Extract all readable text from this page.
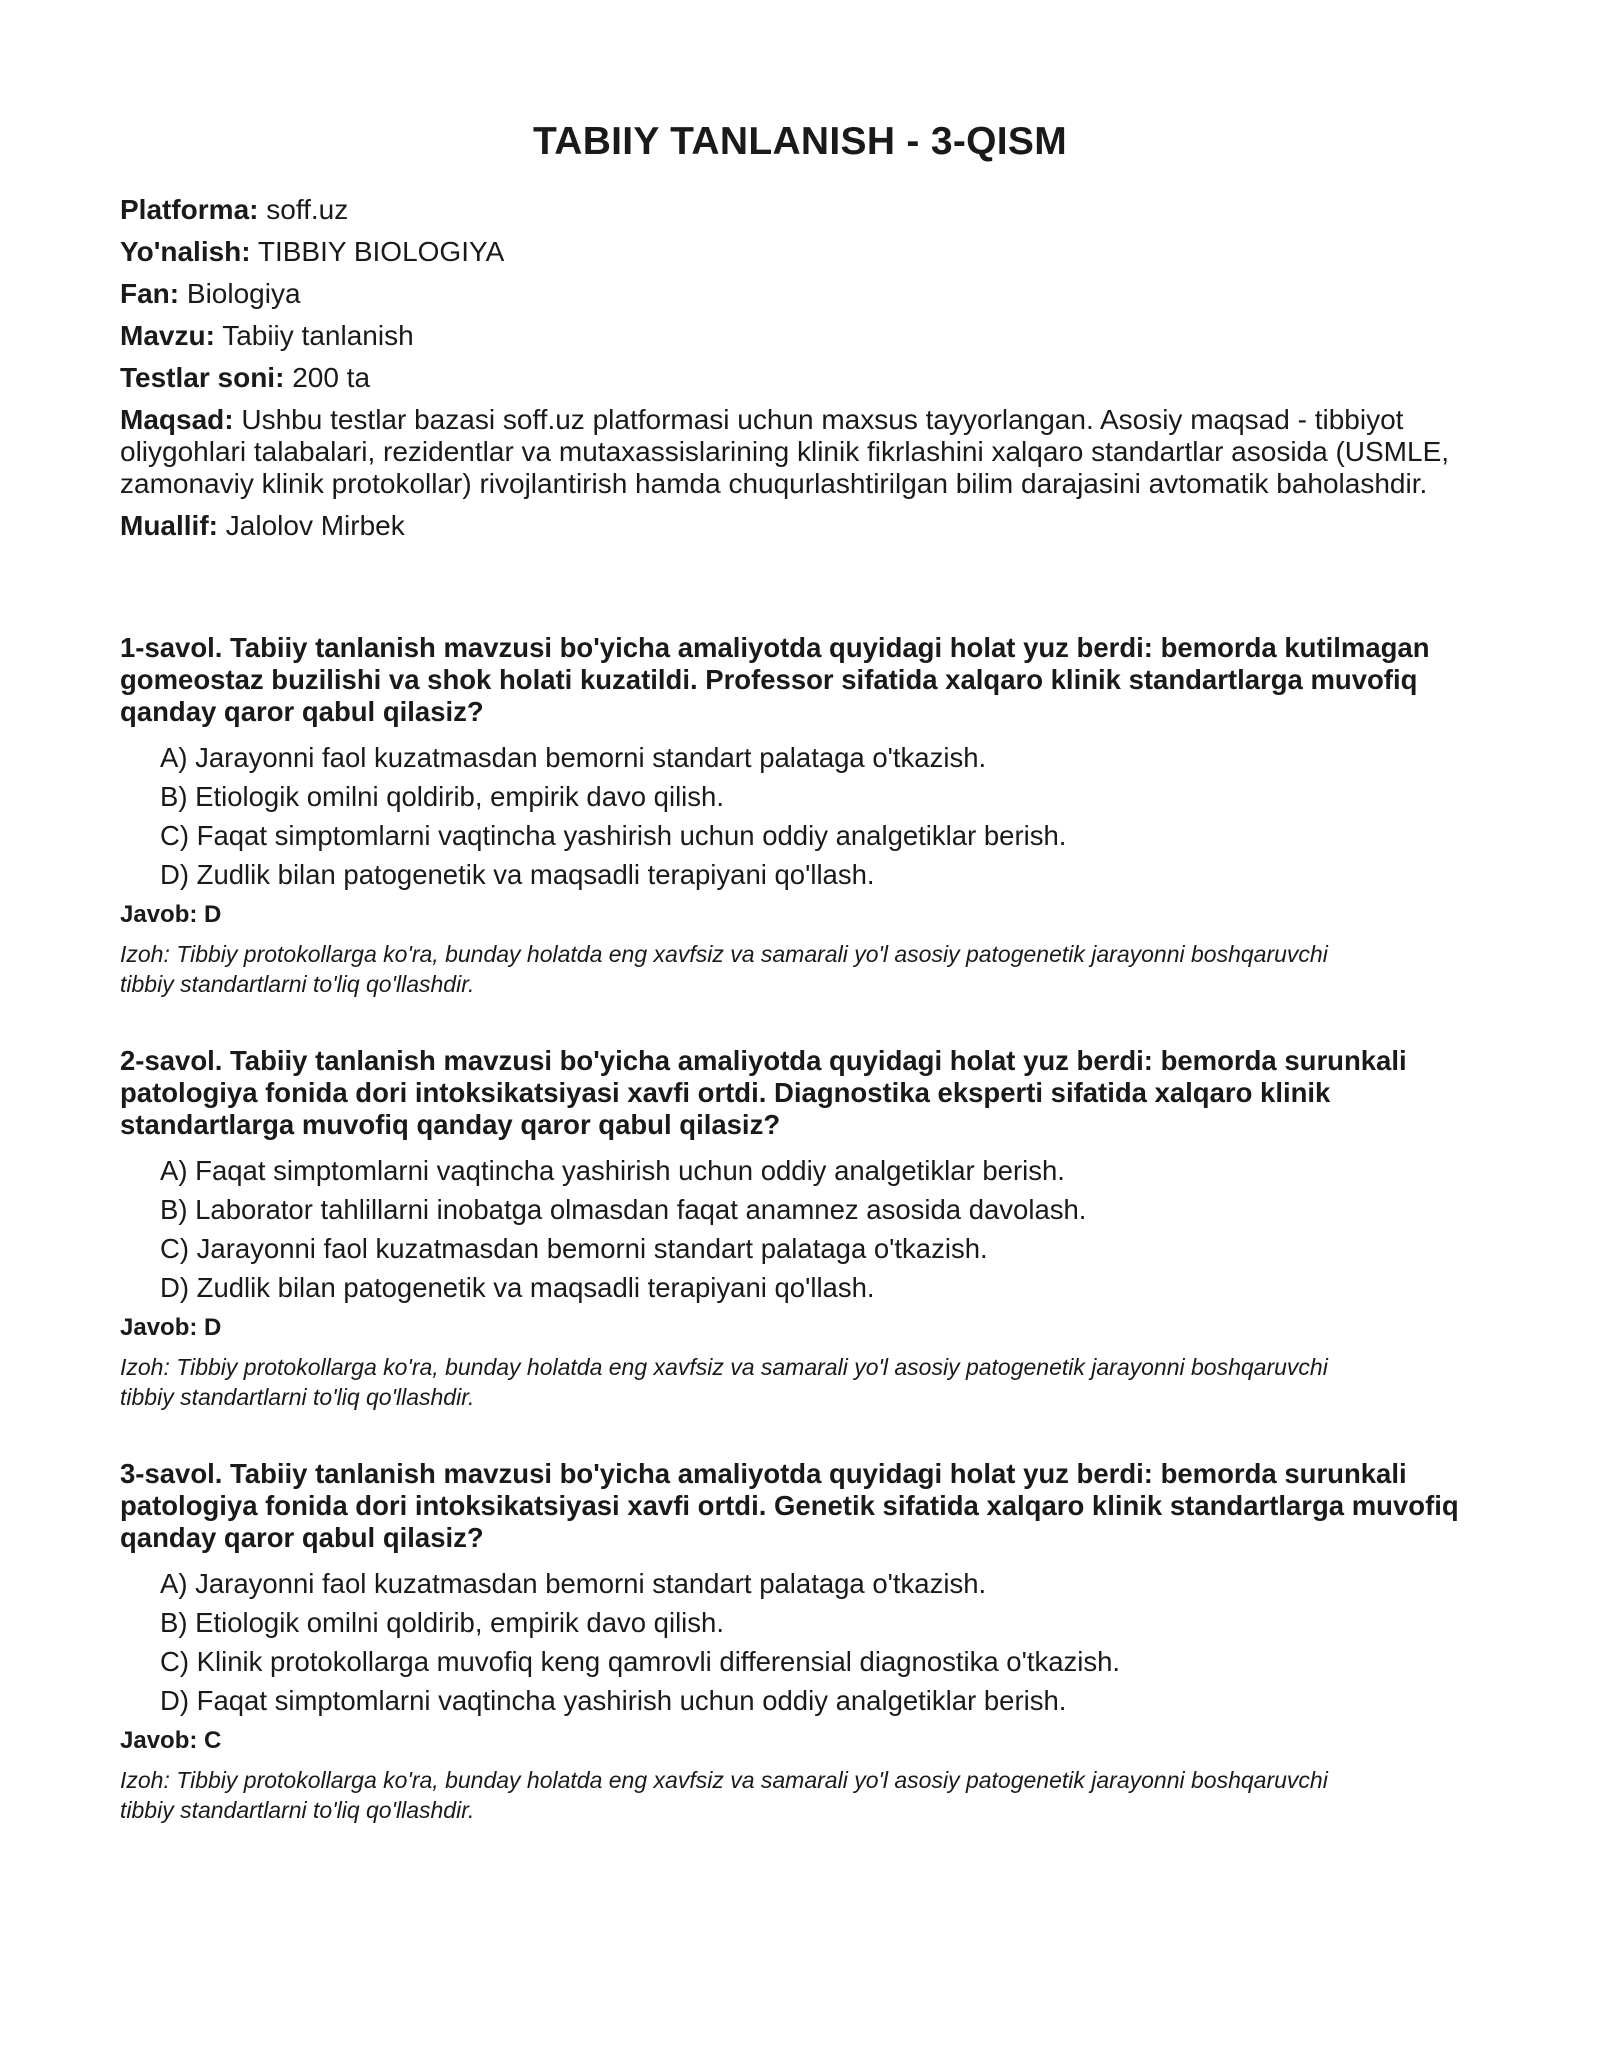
TABIIY TANLANISH - 3-QISM

Platforma: soff.uz

Yo'nalish: TIBBIY BIOLOGIYA

Fan: Biologiya

Mavzu: Tabiiy tanlanish

Testlar soni: 200 ta

Maqsad: Ushbu testlar bazasi soff.uz platformasi uchun maxsus tayyorlangan. Asosiy maqsad - tibbiyot oliygohlari talabalari, rezidentlar va mutaxassislarining klinik fikrlashini xalqaro standartlar asosida (USMLE, zamonaviy klinik protokollar) rivojlantirish hamda chuqurlashtirilgan bilim darajasini avtomatik baholashdir.

Muallif: Jalolov Mirbek

1-savol. Tabiiy tanlanish mavzusi bo'yicha amaliyotda quyidagi holat yuz berdi: bemorda kutilmagan gomeostaz buzilishi va shok holati kuzatildi. Professor sifatida xalqaro klinik standartlarga muvofiq qanday qaror qabul qilasiz?

A) Jarayonni faol kuzatmasdan bemorni standart palataga o'tkazish.

B) Etiologik omilni qoldirib, empirik davo qilish.

C) Faqat simptomlarni vaqtincha yashirish uchun oddiy analgetiklar berish.

D) Zudlik bilan patogenetik va maqsadli terapiyani qo'llash.

Javob: D

Izoh: Tibbiy protokollarga ko'ra, bunday holatda eng xavfsiz va samarali yo'l asosiy patogenetik jarayonni boshqaruvchi tibbiy standartlarni to'liq qo'llashdir.

2-savol. Tabiiy tanlanish mavzusi bo'yicha amaliyotda quyidagi holat yuz berdi: bemorda surunkali patologiya fonida dori intoksikatsiyasi xavfi ortdi. Diagnostika eksperti sifatida xalqaro klinik standartlarga muvofiq qanday qaror qabul qilasiz?

A) Faqat simptomlarni vaqtincha yashirish uchun oddiy analgetiklar berish.

B) Laborator tahlillarni inobatga olmasdan faqat anamnez asosida davolash.

C) Jarayonni faol kuzatmasdan bemorni standart palataga o'tkazish.

D) Zudlik bilan patogenetik va maqsadli terapiyani qo'llash.

Javob: D

Izoh: Tibbiy protokollarga ko'ra, bunday holatda eng xavfsiz va samarali yo'l asosiy patogenetik jarayonni boshqaruvchi tibbiy standartlarni to'liq qo'llashdir.

3-savol. Tabiiy tanlanish mavzusi bo'yicha amaliyotda quyidagi holat yuz berdi: bemorda surunkali patologiya fonida dori intoksikatsiyasi xavfi ortdi. Genetik sifatida xalqaro klinik standartlarga muvofiq qanday qaror qabul qilasiz?

A) Jarayonni faol kuzatmasdan bemorni standart palataga o'tkazish.

B) Etiologik omilni qoldirib, empirik davo qilish.

C) Klinik protokollarga muvofiq keng qamrovli differensial diagnostika o'tkazish.

D) Faqat simptomlarni vaqtincha yashirish uchun oddiy analgetiklar berish.

Javob: C

Izoh: Tibbiy protokollarga ko'ra, bunday holatda eng xavfsiz va samarali yo'l asosiy patogenetik jarayonni boshqaruvchi tibbiy standartlarni to'liq qo'llashdir.
